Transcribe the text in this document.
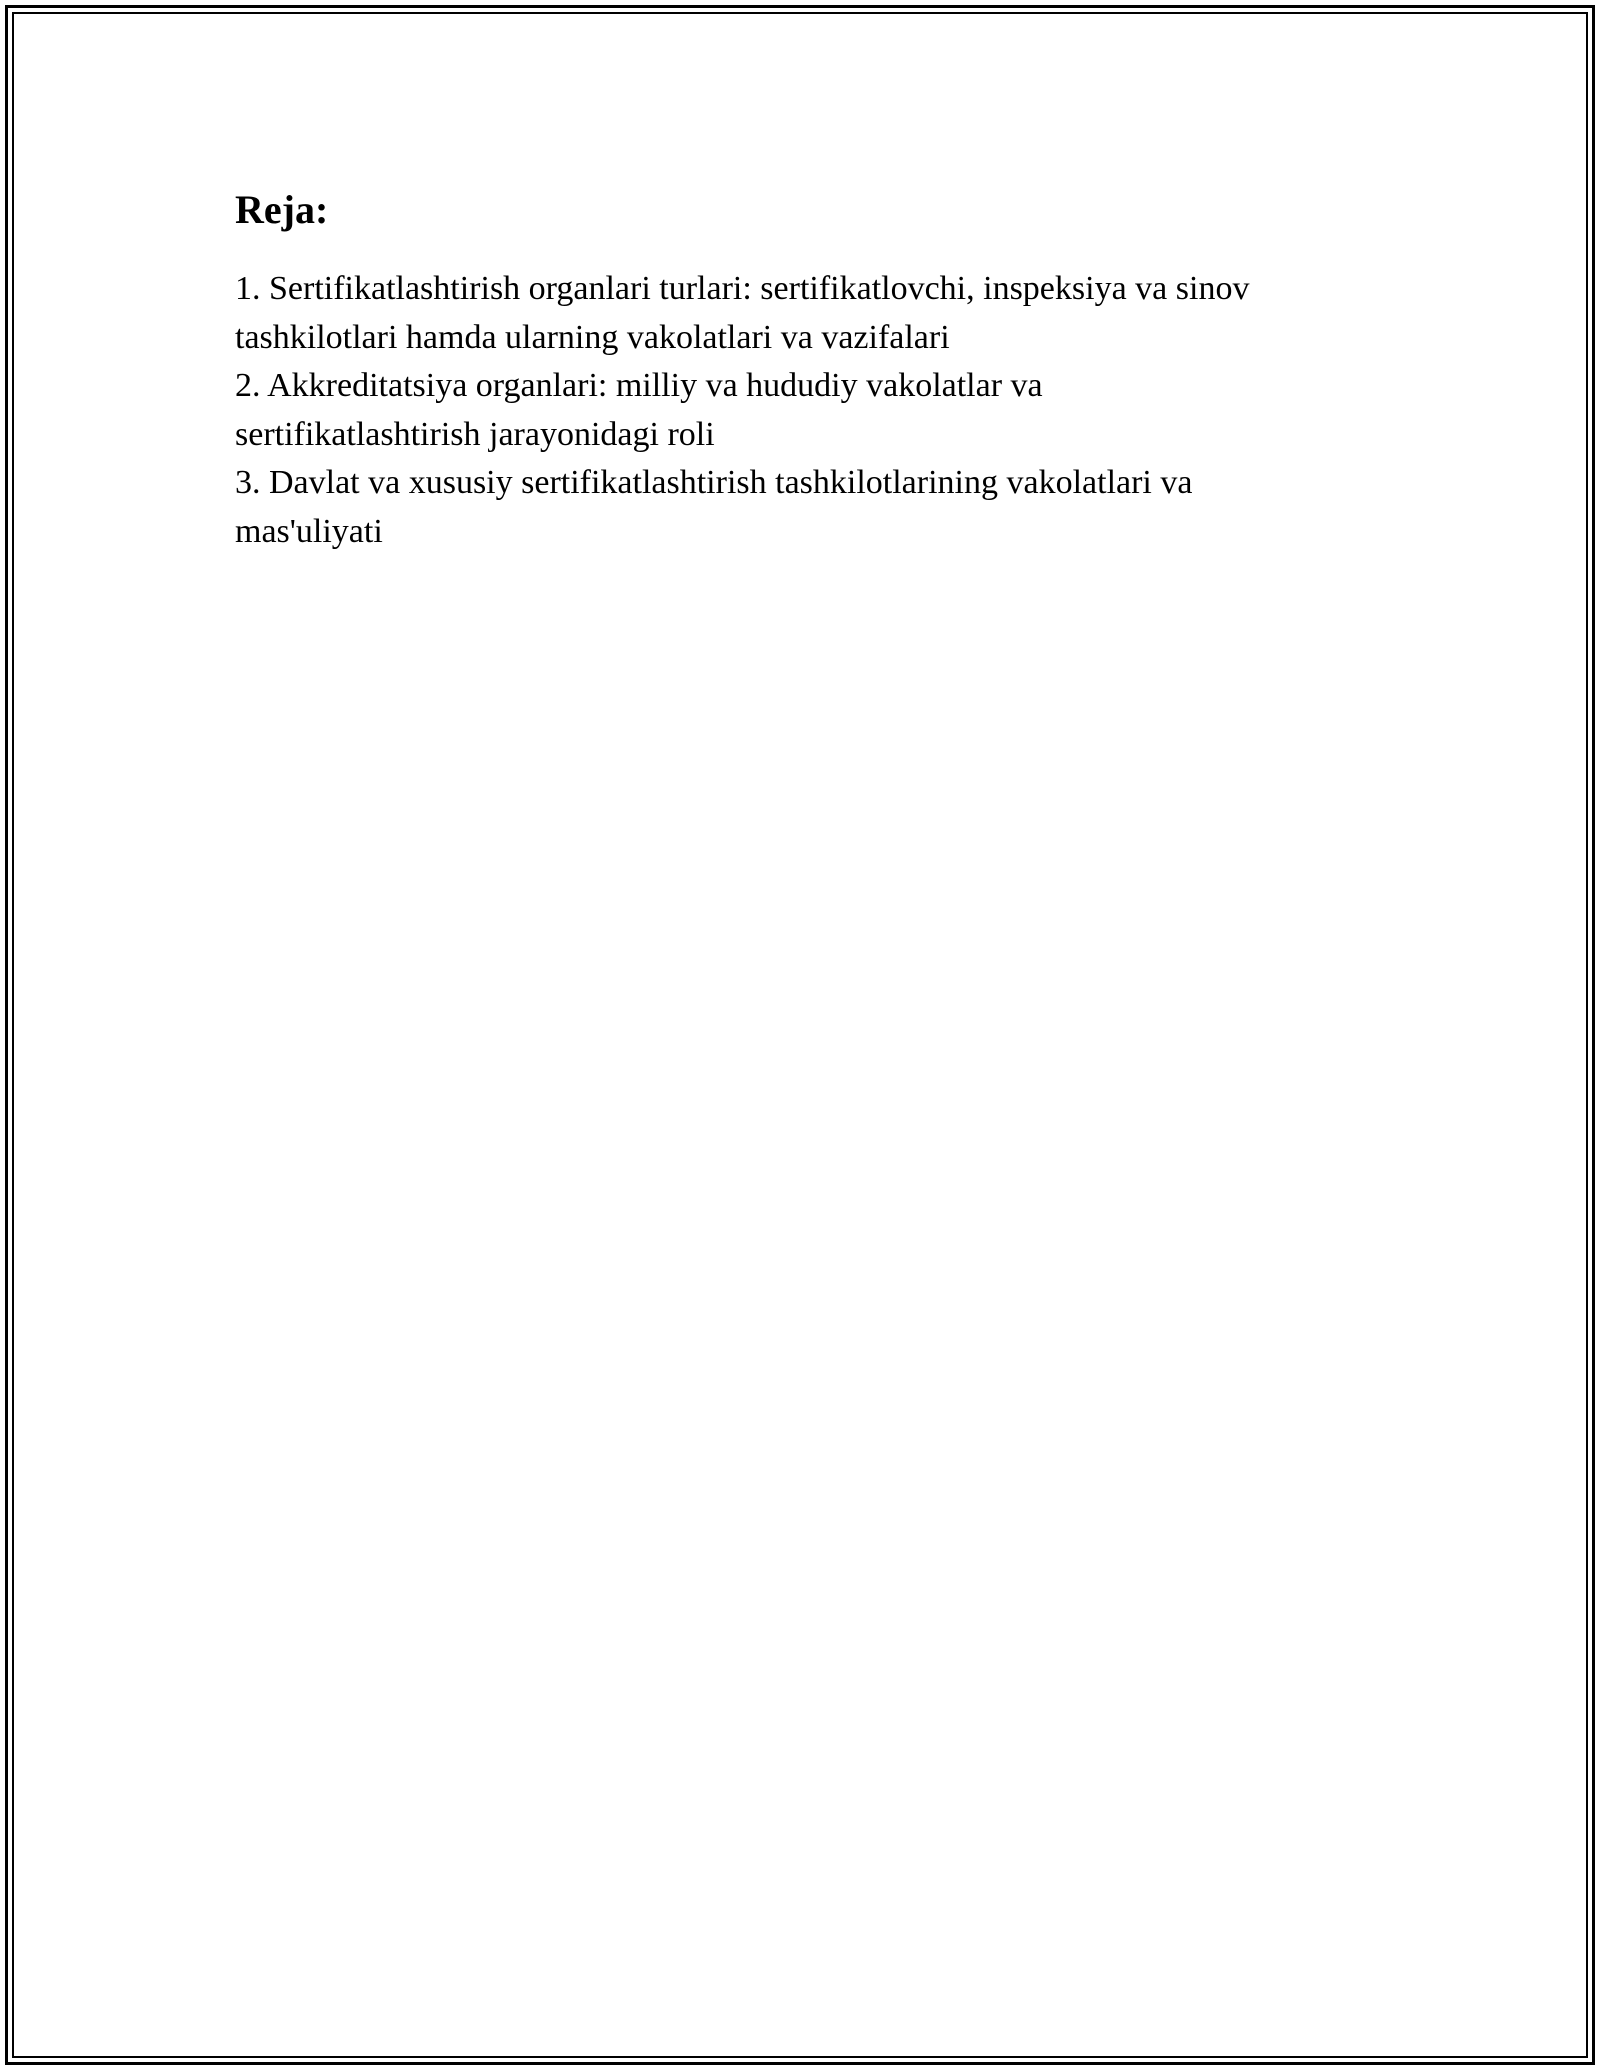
Reja:
1. Sertifikatlashtirish organlari turlari: sertifikatlovchi, inspeksiya va sinov
tashkilotlari hamda ularning vakolatlari va vazifalari
2. Akkreditatsiya organlari: milliy va hududiy vakolatlar va
sertifikatlashtirish jarayonidagi roli
3. Davlat va xususiy sertifikatlashtirish tashkilotlarining vakolatlari va
mas'uliyati
